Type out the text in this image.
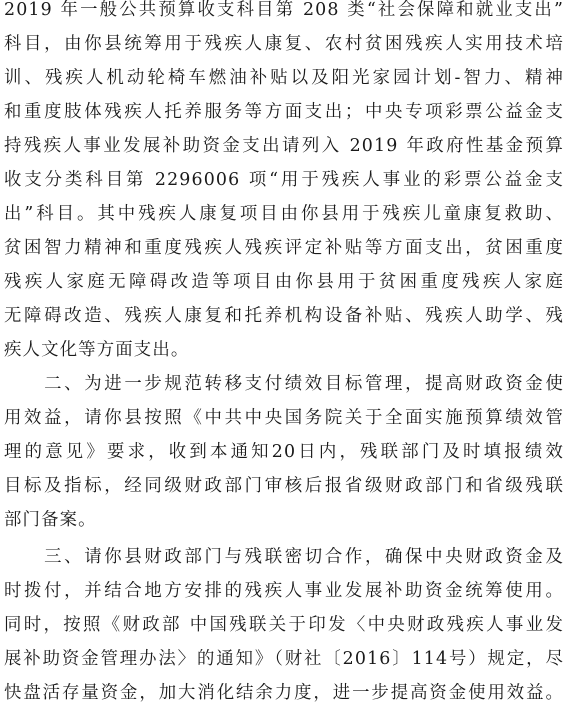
2019 年一般公共预算收支科目第 208 类“社会保障和就业支出”
科目，由你县统筹用于残疾人康复、农村贫困残疾人实用技术培
训、残疾人机动轮椅车燃油补贴以及阳光家园计划-智力、精神
和重度肢体残疾人托养服务等方面支出；中央专项彩票公益金支
持残疾人事业发展补助资金支出请列入 2019 年政府性基金预算
收支分类科目第 2296006 项“用于残疾人事业的彩票公益金支
出”科目。其中残疾人康复项目由你县用于残疾儿童康复救助、
贫困智力精神和重度残疾人残疾评定补贴等方面支出，贫困重度
残疾人家庭无障碍改造等项目由你县用于贫困重度残疾人家庭
无障碍改造、残疾人康复和托养机构设备补贴、残疾人助学、残
疾人文化等方面支出。
　　二、为进一步规范转移支付绩效目标管理，提高财政资金使
用效益，请你县按照《中共中央国务院关于全面实施预算绩效管
理的意见》要求，收到本通知20日内，残联部门及时填报绩效
目标及指标，经同级财政部门审核后报省级财政部门和省级残联
部门备案。
　　三、请你县财政部门与残联密切合作，确保中央财政资金及
时拨付，并结合地方安排的残疾人事业发展补助资金统筹使用。
同时，按照《财政部 中国残联关于印发〈中央财政残疾人事业发
展补助资金管理办法〉的通知》（财社〔2016〕114号）规定，尽
快盘活存量资金，加大消化结余力度，进一步提高资金使用效益。
